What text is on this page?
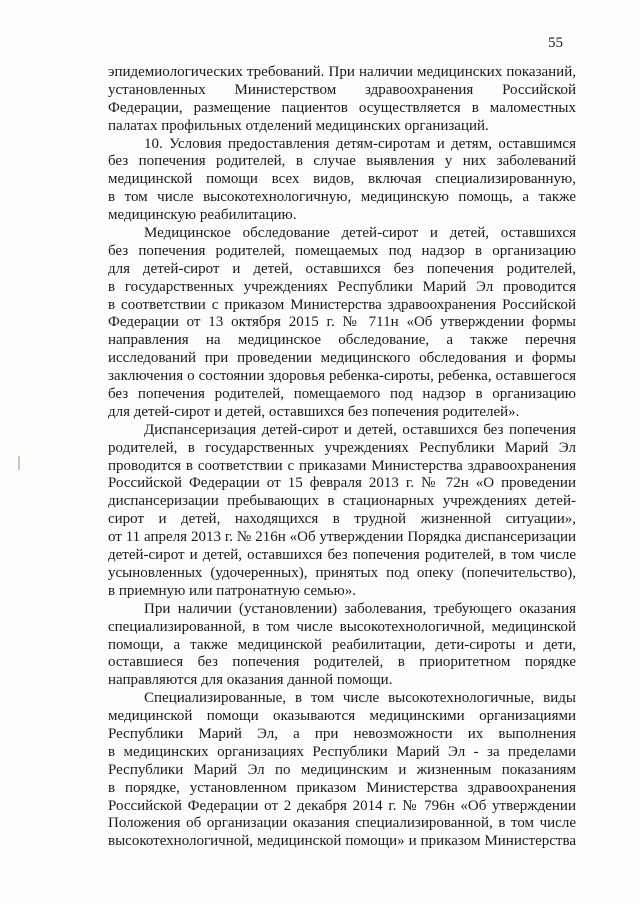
55
эпидемиологических требований. При наличии медицинских показаний,
установленных Министерством здравоохранения Российской
Федерации, размещение пациентов осуществляется в маломестных
палатах профильных отделений медицинских организаций.
10. Условия предоставления детям-сиротам и детям, оставшимся
без попечения родителей, в случае выявления у них заболеваний
медицинской помощи всех видов, включая специализированную,
в том числе высокотехнологичную, медицинскую помощь, а также
медицинскую реабилитацию.
Медицинское обследование детей-сирот и детей, оставшихся
без попечения родителей, помещаемых под надзор в организацию
для детей-сирот и детей, оставшихся без попечения родителей,
в государственных учреждениях Республики Марий Эл проводится
в соответствии с приказом Министерства здравоохранения Российской
Федерации от 13 октября 2015 г. № 711н «Об утверждении формы
направления на медицинское обследование, а также перечня
исследований при проведении медицинского обследования и формы
заключения о состоянии здоровья ребенка-сироты, ребенка, оставшегося
без попечения родителей, помещаемого под надзор в организацию
для детей-сирот и детей, оставшихся без попечения родителей».
Диспансеризация детей-сирот и детей, оставшихся без попечения
родителей, в государственных учреждениях Республики Марий Эл
проводится в соответствии с приказами Министерства здравоохранения
Российской Федерации от 15 февраля 2013 г. № 72н «О проведении
диспансеризации пребывающих в стационарных учреждениях детей-
сирот и детей, находящихся в трудной жизненной ситуации»,
от 11 апреля 2013 г. № 216н «Об утверждении Порядка диспансеризации
детей-сирот и детей, оставшихся без попечения родителей, в том числе
усыновленных (удочеренных), принятых под опеку (попечительство),
в приемную или патронатную семью».
При наличии (установлении) заболевания, требующего оказания
специализированной, в том числе высокотехнологичной, медицинской
помощи, а также медицинской реабилитации, дети-сироты и дети,
оставшиеся без попечения родителей, в приоритетном порядке
направляются для оказания данной помощи.
Специализированные, в том числе высокотехнологичные, виды
медицинской помощи оказываются медицинскими организациями
Республики Марий Эл, а при невозможности их выполнения
в медицинских организациях Республики Марий Эл - за пределами
Республики Марий Эл по медицинским и жизненным показаниям
в порядке, установленном приказом Министерства здравоохранения
Российской Федерации от 2 декабря 2014 г. № 796н «Об утверждении
Положения об организации оказания специализированной, в том числе
высокотехнологичной, медицинской помощи» и приказом Министерства
